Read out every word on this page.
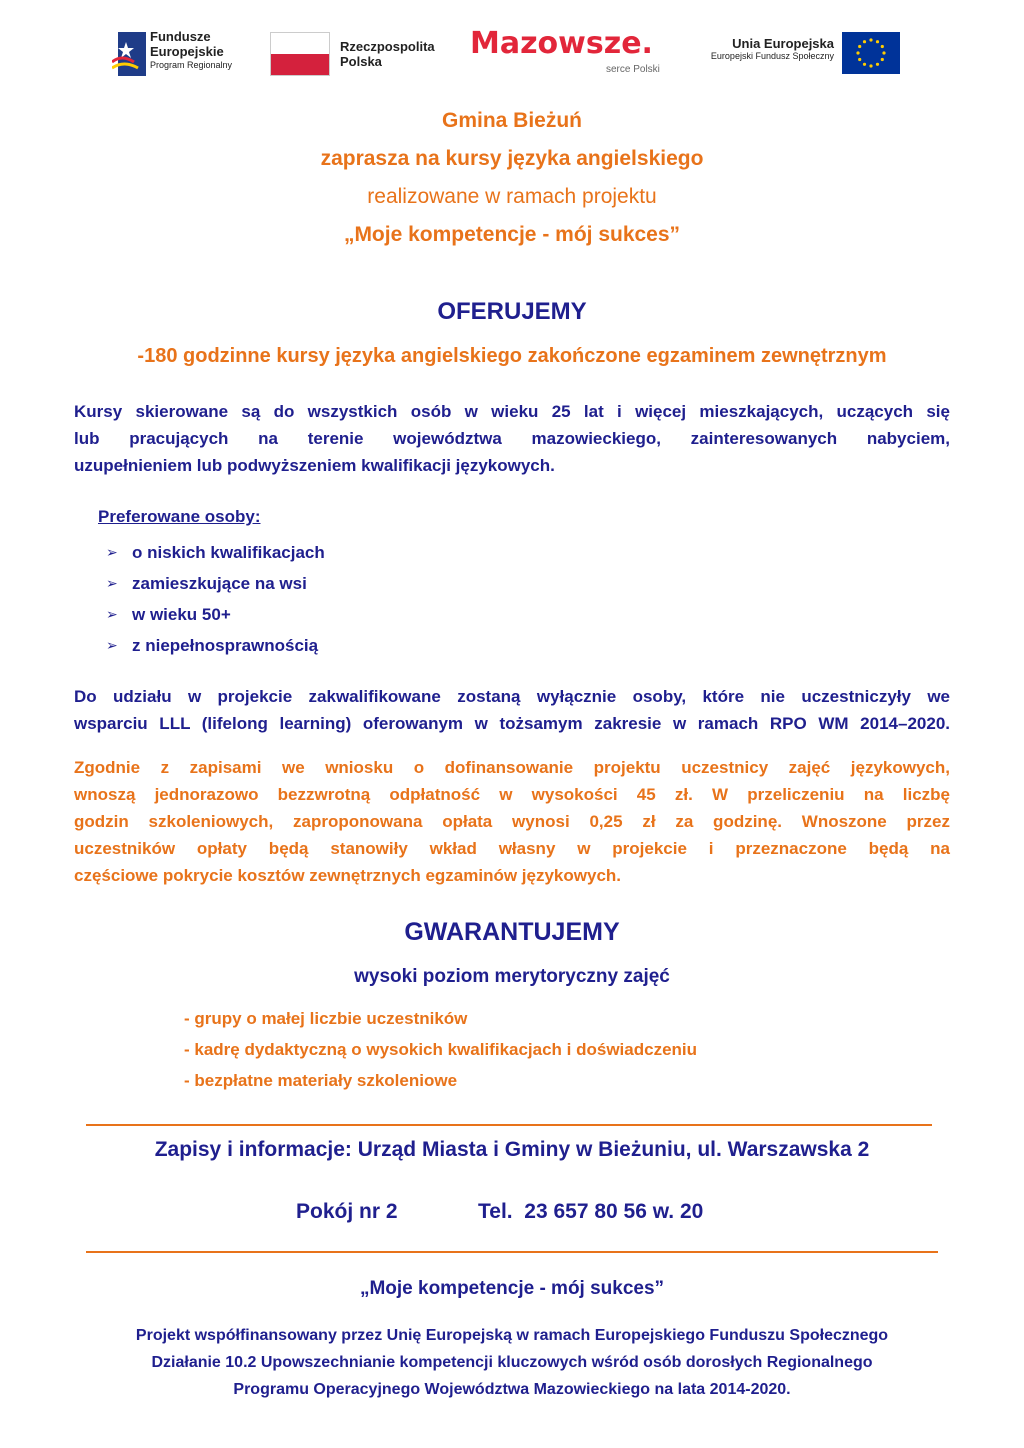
Fundusze
Europejskie
Program Regionalny
Rzeczpospolita
Polska
Mazowsze.
serce Polski
Unia Europejska
Europejski Fundusz Społeczny
Gmina Bieżuń
zaprasza na kursy języka angielskiego
realizowane w ramach projektu
„Moje kompetencje - mój sukces”
OFERUJEMY
-180 godzinne kursy języka angielskiego zakończone egzaminem zewnętrznym
Kursy skierowane są do wszystkich osób w wieku 25 lat i więcej mieszkających, uczących się
lub pracujących na terenie województwa mazowieckiego, zainteresowanych nabyciem,
uzupełnieniem lub podwyższeniem kwalifikacji językowych.
Preferowane osoby:
➢ o niskich kwalifikacjach
➢ zamieszkujące na wsi
➢ w wieku 50+
➢ z niepełnosprawnością
Do udziału w projekcie zakwalifikowane zostaną wyłącznie osoby, które nie uczestniczyły we
wsparciu LLL (lifelong learning) oferowanym w tożsamym zakresie w ramach RPO WM 2014–2020.
Zgodnie z zapisami we wniosku o dofinansowanie projektu uczestnicy zajęć językowych,
wnoszą jednorazowo bezzwrotną odpłatność w wysokości 45 zł. W przeliczeniu na liczbę
godzin szkoleniowych, zaproponowana opłata wynosi 0,25 zł za godzinę. Wnoszone przez
uczestników opłaty będą stanowiły wkład własny w projekcie i przeznaczone będą na
częściowe pokrycie kosztów zewnętrznych egzaminów językowych.
GWARANTUJEMY
wysoki poziom merytoryczny zajęć
- grupy o małej liczbie uczestników
- kadrę dydaktyczną o wysokich kwalifikacjach i doświadczeniu
- bezpłatne materiały szkoleniowe
Zapisy i informacje: Urząd Miasta i Gminy w Bieżuniu, ul. Warszawska 2
Pokój nr 2	Tel.  23 657 80 56 w. 20
„Moje kompetencje - mój sukces”
Projekt współfinansowany przez Unię Europejską w ramach Europejskiego Funduszu Społecznego
Działanie 10.2 Upowszechnianie kompetencji kluczowych wśród osób dorosłych Regionalnego
Programu Operacyjnego Województwa Mazowieckiego na lata 2014-2020.
